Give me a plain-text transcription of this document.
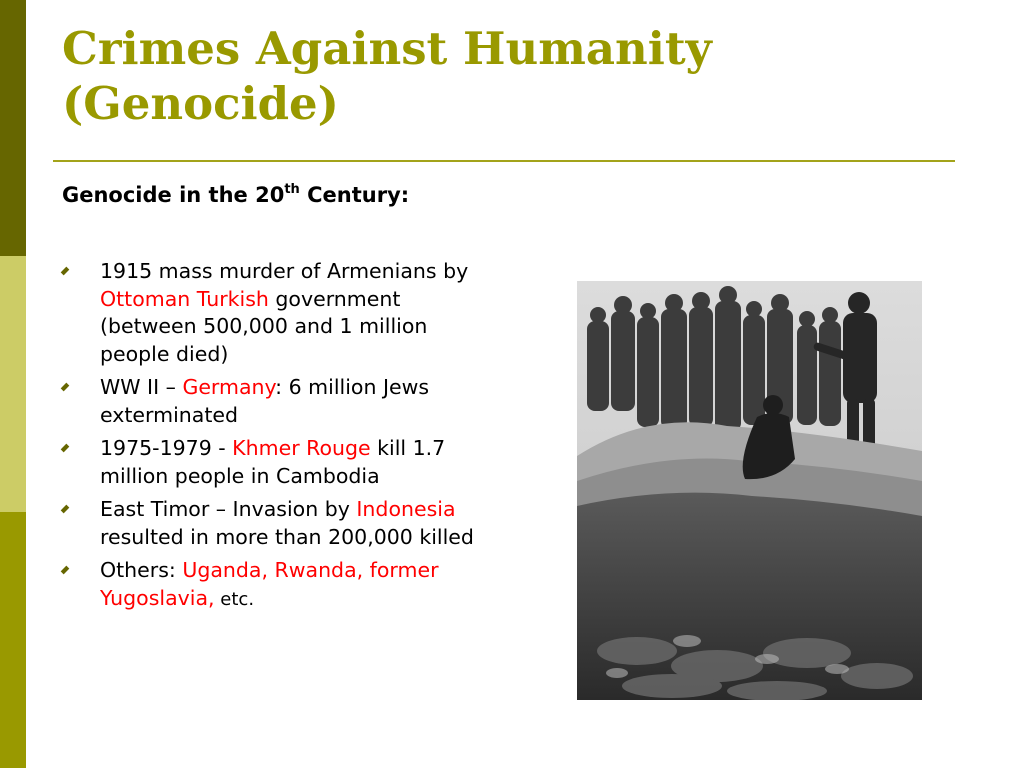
Crimes Against Humanity
(Genocide)
Genocide in the 20th Century:
1915 mass murder of Armenians by Ottoman Turkish government (between 500,000 and 1 million people died)
WW II – Germany: 6 million Jews exterminated
1975-1979 - Khmer Rouge kill 1.7 million people in Cambodia
East Timor – Invasion by Indonesia resulted in more than 200,000 killed
Others: Uganda, Rwanda, former Yugoslavia, etc.
